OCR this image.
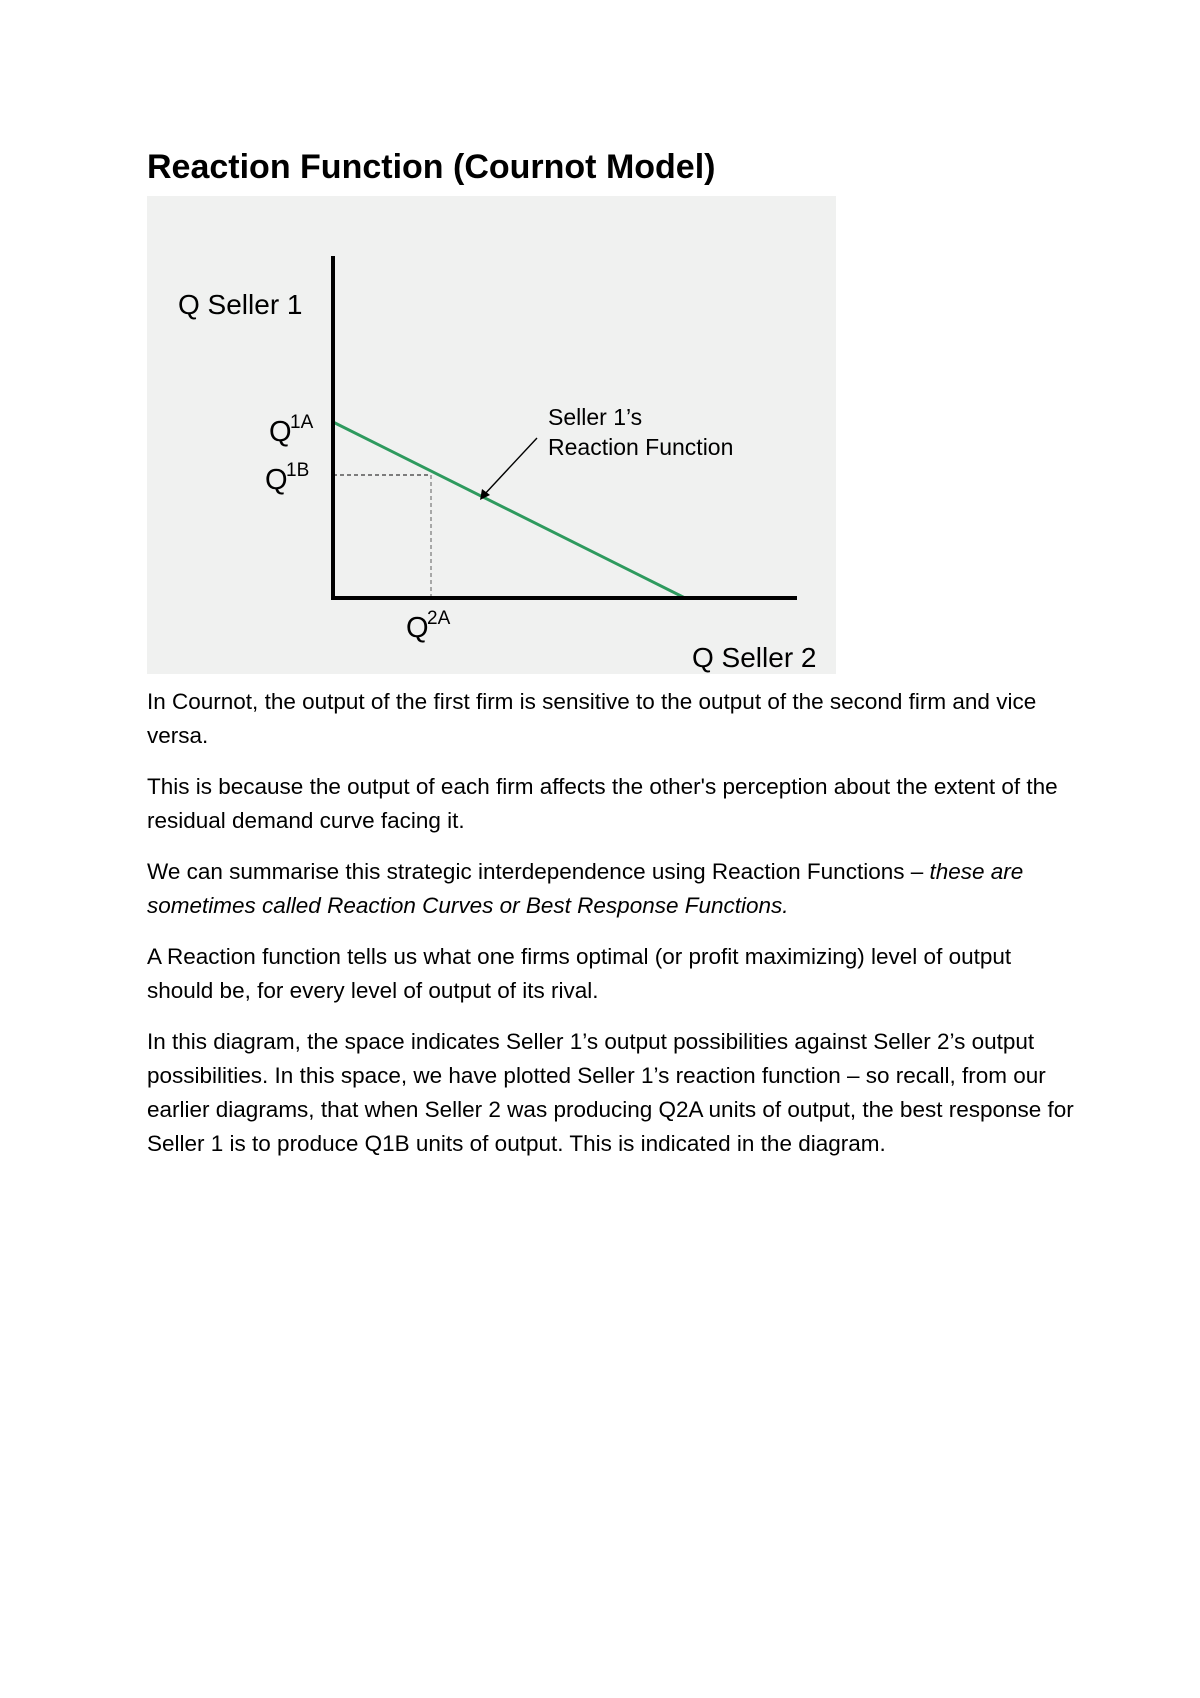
Reaction Function (Cournot Model)
Q Seller 1
Q Seller 2
Q 1A
Q 1B
Q 2A
Seller 1’s
Reaction Function

In Cournot, the output of the first firm is sensitive to the output of the second firm and vice versa.

This is because the output of each firm affects the other's perception about the extent of the residual demand curve facing it.

We can summarise this strategic interdependence using Reaction Functions – these are sometimes called Reaction Curves or Best Response Functions.

A Reaction function tells us what one firms optimal (or profit maximizing) level of output should be, for every level of output of its rival.

In this diagram, the space indicates Seller 1’s output possibilities against Seller 2’s output possibilities. In this space, we have plotted Seller 1’s reaction function – so recall, from our earlier diagrams, that when Seller 2 was producing Q2A units of output, the best response for Seller 1 is to produce Q1B units of output. This is indicated in the diagram.
